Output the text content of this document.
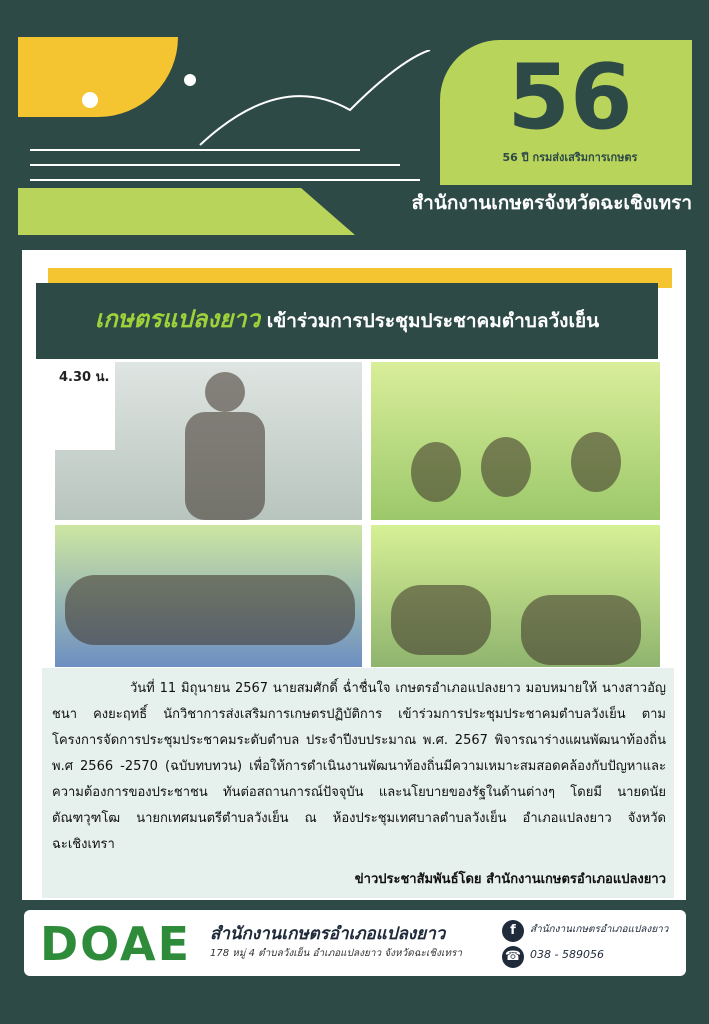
56
56 ปี กรมส่งเสริมการเกษตร
สำนักงานเกษตรจังหวัดฉะเชิงเทรา
เกษตรแปลงยาว เข้าร่วมการประชุมประชาคมตำบลวังเย็น
4.30 น.
วันที่ 11 มิถุนายน 2567 นายสมศักดิ์ ฉ่ำชื่นใจ เกษตรอำเภอแปลงยาว มอบหมายให้ นางสาวอัญชนา คงยะฤทธิ์ นักวิชาการส่งเสริมการเกษตรปฏิบัติการ เข้าร่วมการประชุมประชาคมตำบลวังเย็น ตามโครงการจัดการประชุมประชาคมระดับตำบล ประจำปีงบประมาณ พ.ศ. 2567 พิจารณาร่างแผนพัฒนาท้องถิ่น พ.ศ 2566 -2570 (ฉบับทบทวน) เพื่อให้การดำเนินงานพัฒนาท้องถิ่นมีความเหมาะสมสอดคล้องกับปัญหาและความต้องการของประชาชน ทันต่อสถานการณ์ปัจจุบัน และนโยบายของรัฐในด้านต่างๆ โดยมี นายดนัย ตัณฑวุฑโฒ นายกเทศมนตรีตำบลวังเย็น ณ ห้องประชุมเทศบาลตำบลวังเย็น อำเภอแปลงยาว จังหวัดฉะเชิงเทรา
ข่าวประชาสัมพันธ์โดย สำนักงานเกษตรอำเภอแปลงยาว
DOAE	สำนักงานเกษตรอำเภอแปลงยาว
178 หมู่ 4 ตำบลวังเย็น อำเภอแปลงยาว จังหวัดฉะเชิงเทรา
f	สำนักงานเกษตรอำเภอแปลงยาว
☎ 038 - 589056
